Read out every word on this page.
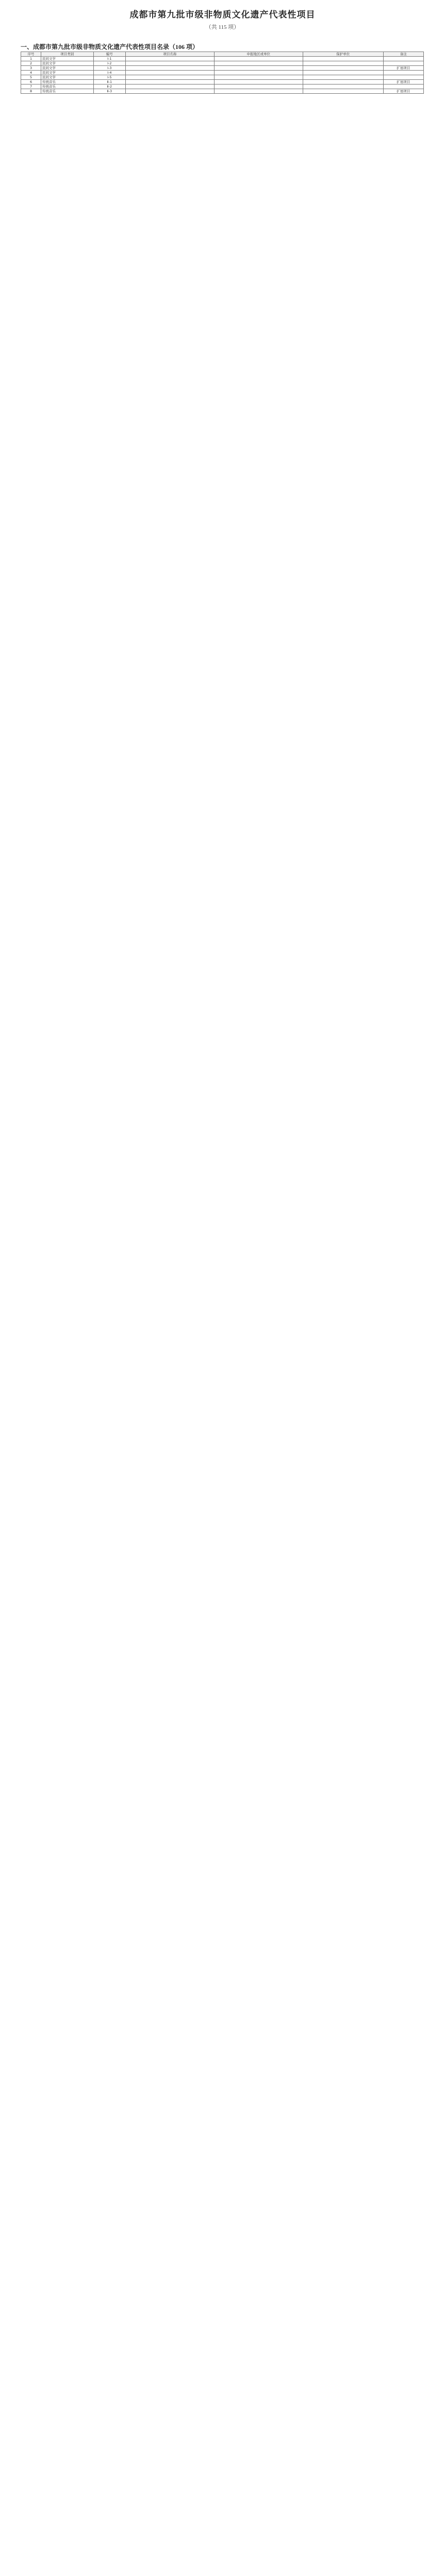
成都市第九批市级非物质文化遗产代表性项目
（共 115 项）
一、成都市第九批市级非物质文化遗产代表性项目名录（106 项）
序号	项目类别	编号	项目名称	申报地区或单位	保护单位	备注
1	民间文学	Ⅰ-1				
2	民间文学	Ⅰ-2				
3	民间文学	Ⅰ-3				扩展项目
4	民间文学	Ⅰ-4				
5	民间文学	Ⅰ-5				
6	传统音乐	Ⅱ-1				扩展项目
7	传统音乐	Ⅱ-2				
8	传统音乐	Ⅱ-3				扩展项目
